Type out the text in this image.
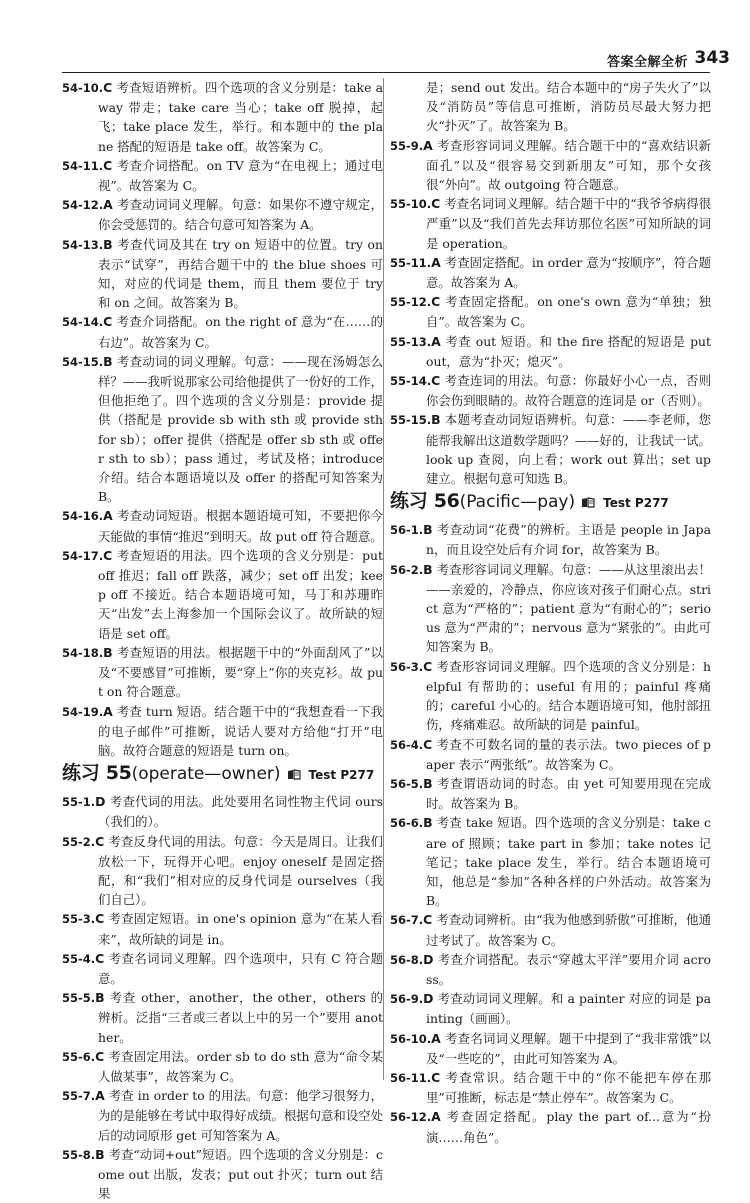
答案全解全析 343

54-10.C 考查短语辨析。四个选项的含义分别是：take away 带走；take care 当心；take off 脱掉，起飞；take place 发生，举行。和本题中的 the plane 搭配的短语是 take off。故答案为 C。

54-11.C 考查介词搭配。on TV 意为“在电视上；通过电视”。故答案为 C。

54-12.A 考查动词词义理解。句意：如果你不遵守规定，你会受惩罚的。结合句意可知答案为 A。

54-13.B 考查代词及其在 try on 短语中的位置。try on 表示“试穿”，再结合题干中的 the blue shoes 可知，对应的代词是 them，而且 them 要位于 try 和 on 之间。故答案为 B。

54-14.C 考查介词搭配。on the right of 意为“在……的右边”。故答案为 C。

54-15.B 考查动词的词义理解。句意：——现在汤姆怎么样？——我听说那家公司给他提供了一份好的工作，但他拒绝了。四个选项的含义分别是：provide 提供（搭配是 provide sb with sth 或 provide sth for sb）；offer 提供（搭配是 offer sb sth 或 offer sth to sb）；pass 通过，考试及格；introduce 介绍。结合本题语境以及 offer 的搭配可知答案为 B。

54-16.A 考查动词短语。根据本题语境可知，不要把你今天能做的事情“推迟”到明天。故 put off 符合题意。

54-17.C 考查短语的用法。四个选项的含义分别是：put off 推迟；fall off 跌落，减少；set off 出发；keep off 不接近。结合本题语境可知，马丁和苏珊昨天“出发”去上海参加一个国际会议了。故所缺的短语是 set off。

54-18.B 考查短语的用法。根据题干中的“外面刮风了”以及“不要感冒”可推断，要“穿上”你的夹克衫。故 put on 符合题意。

54-19.A 考查 turn 短语。结合题干中的“我想查看一下我的电子邮件”可推断，说话人要对方给他“打开”电脑。故符合题意的短语是 turn on。

练习 55(operate—owner) Test P277

55-1.D 考查代词的用法。此处要用名词性物主代词 ours（我们的）。

55-2.C 考查反身代词的用法。句意：今天是周日。让我们放松一下，玩得开心吧。enjoy oneself 是固定搭配，和“我们”相对应的反身代词是 ourselves（我们自己）。

55-3.C 考查固定短语。in one's opinion 意为“在某人看来”，故所缺的词是 in。

55-4.C 考查名词词义理解。四个选项中，只有 C 符合题意。

55-5.B 考查 other，another，the other，others 的辨析。泛指“三者或三者以上中的另一个”要用 another。

55-6.C 考查固定用法。order sb to do sth 意为“命令某人做某事”，故答案为 C。

55-7.A 考查 in order to 的用法。句意：他学习很努力，为的是能够在考试中取得好成绩。根据句意和设空处后的动词原形 get 可知答案为 A。

55-8.B 考查“动词+out”短语。四个选项的含义分别是：come out 出版，发表；put out 扑灭；turn out 结果

是；send out 发出。结合本题中的“房子失火了”以及“消防员”等信息可推断，消防员尽最大努力把火“扑灭”了。故答案为 B。

55-9.A 考查形容词词义理解。结合题干中的“喜欢结识新面孔”以及“很容易交到新朋友”可知，那个女孩很“外向”。故 outgoing 符合题意。

55-10.C 考查名词词义理解。结合题干中的“我爷爷病得很严重”以及“我们首先去拜访那位名医”可知所缺的词是 operation。

55-11.A 考查固定搭配。in order 意为“按顺序”，符合题意。故答案为 A。

55-12.C 考查固定搭配。on one's own 意为“单独；独自”。故答案为 C。

55-13.A 考查 out 短语。和 the fire 搭配的短语是 put out，意为“扑灭；熄灭”。

55-14.C 考查连词的用法。句意：你最好小心一点，否则你会伤到眼睛的。故符合题意的连词是 or（否则）。

55-15.B 本题考查动词短语辨析。句意：——李老师，您能帮我解出这道数学题吗？——好的，让我试一试。look up 查阅，向上看；work out 算出；set up 建立。根据句意可知选 B。

练习 56(Pacific—pay) Test P277

56-1.B 考查动词“花费”的辨析。主语是 people in Japan，而且设空处后有介词 for，故答案为 B。

56-2.B 考查形容词词义理解。句意：——从这里滚出去！——亲爱的，冷静点，你应该对孩子们耐心点。strict 意为“严格的”；patient 意为“有耐心的”；serious 意为“严肃的”；nervous 意为“紧张的”。由此可知答案为 B。

56-3.C 考查形容词词义理解。四个选项的含义分别是：helpful 有帮助的；useful 有用的；painful 疼痛的；careful 小心的。结合本题语境可知，他肘部扭伤，疼痛难忍。故所缺的词是 painful。

56-4.C 考查不可数名词的量的表示法。two pieces of paper 表示“两张纸”。故答案为 C。

56-5.B 考查谓语动词的时态。由 yet 可知要用现在完成时。故答案为 B。

56-6.B 考查 take 短语。四个选项的含义分别是：take care of 照顾；take part in 参加；take notes 记笔记；take place 发生，举行。结合本题语境可知，他总是“参加”各种各样的户外活动。故答案为 B。

56-7.C 考查动词辨析。由“我为他感到骄傲”可推断，他通过考试了。故答案为 C。

56-8.D 考查介词搭配。表示“穿越太平洋”要用介词 across。

56-9.D 考查动词词义理解。和 a painter 对应的词是 painting（画画）。

56-10.A 考查名词词义理解。题干中提到了“我非常饿”以及“一些吃的”，由此可知答案为 A。

56-11.C 考查常识。结合题干中的“你不能把车停在那里”可推断，标志是“禁止停车”。故答案为 C。

56-12.A 考查固定搭配。play the part of...意为“扮演……角色”。
